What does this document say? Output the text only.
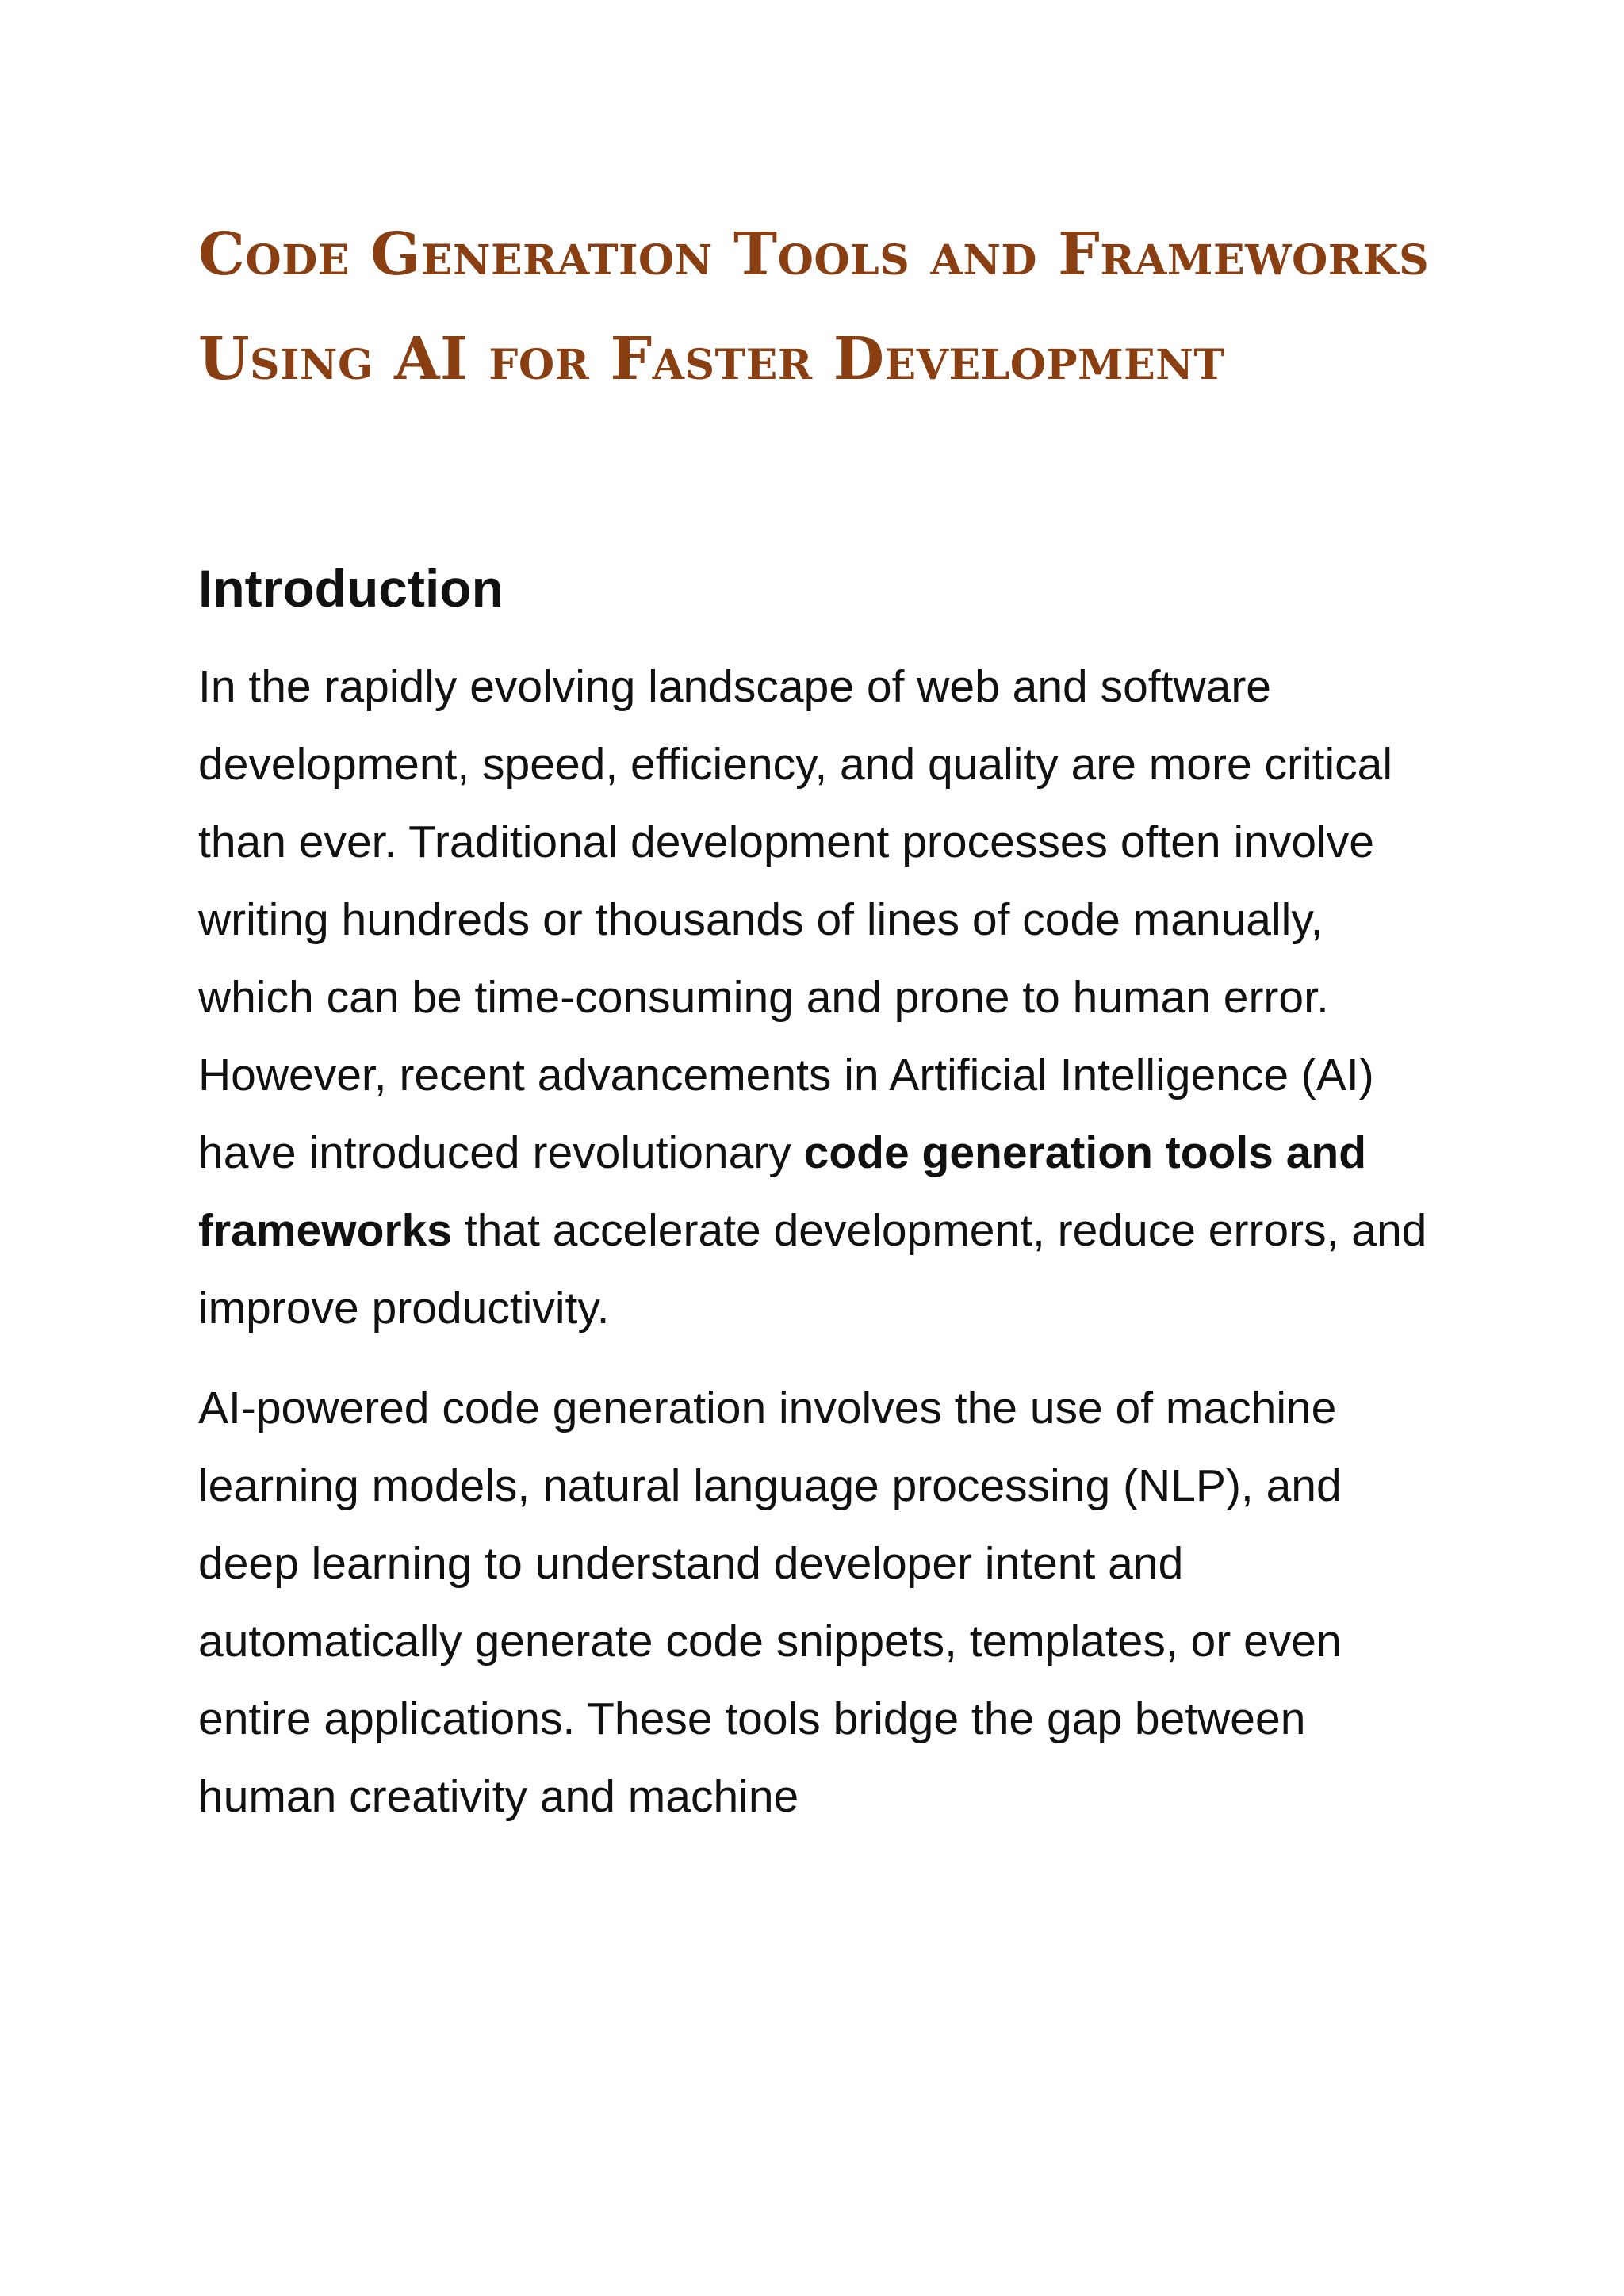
Code Generation Tools and Frameworks Using AI for Faster Development
Introduction

In the rapidly evolving landscape of web and software development, speed, efficiency, and quality are more critical than ever. Traditional development processes often involve writing hundreds or thousands of lines of code manually, which can be time-consuming and prone to human error. However, recent advancements in Artificial Intelligence (AI) have introduced revolutionary code generation tools and frameworks that accelerate development, reduce errors, and improve productivity.

AI-powered code generation involves the use of machine learning models, natural language processing (NLP), and deep learning to understand developer intent and automatically generate code snippets, templates, or even entire applications. These tools bridge the gap between human creativity and machine
